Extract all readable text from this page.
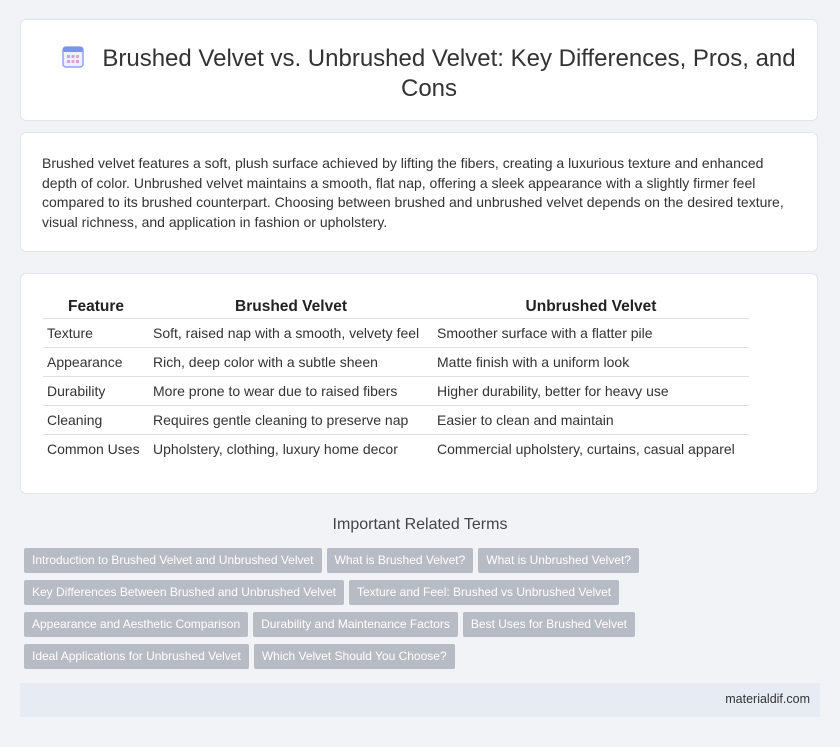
Brushed Velvet vs. Unbrushed Velvet: Key Differences, Pros, and Cons

Brushed velvet features a soft, plush surface achieved by lifting the fibers, creating a luxurious texture and enhanced depth of color. Unbrushed velvet maintains a smooth, flat nap, offering a sleek appearance with a slightly firmer feel compared to its brushed counterpart. Choosing between brushed and unbrushed velvet depends on the desired texture, visual richness, and application in fashion or upholstery.

Feature	Brushed Velvet	Unbrushed Velvet
Texture	Soft, raised nap with a smooth, velvety feel	Smoother surface with a flatter pile
Appearance	Rich, deep color with a subtle sheen	Matte finish with a uniform look
Durability	More prone to wear due to raised fibers	Higher durability, better for heavy use
Cleaning	Requires gentle cleaning to preserve nap	Easier to clean and maintain
Common Uses	Upholstery, clothing, luxury home decor	Commercial upholstery, curtains, casual apparel
Important Related Terms
Introduction to Brushed Velvet and Unbrushed Velvet What is Brushed Velvet? What is Unbrushed Velvet?
Key Differences Between Brushed and Unbrushed Velvet Texture and Feel: Brushed vs Unbrushed Velvet
Appearance and Aesthetic Comparison Durability and Maintenance Factors Best Uses for Brushed Velvet
Ideal Applications for Unbrushed Velvet Which Velvet Should You Choose?
materialdif.com
